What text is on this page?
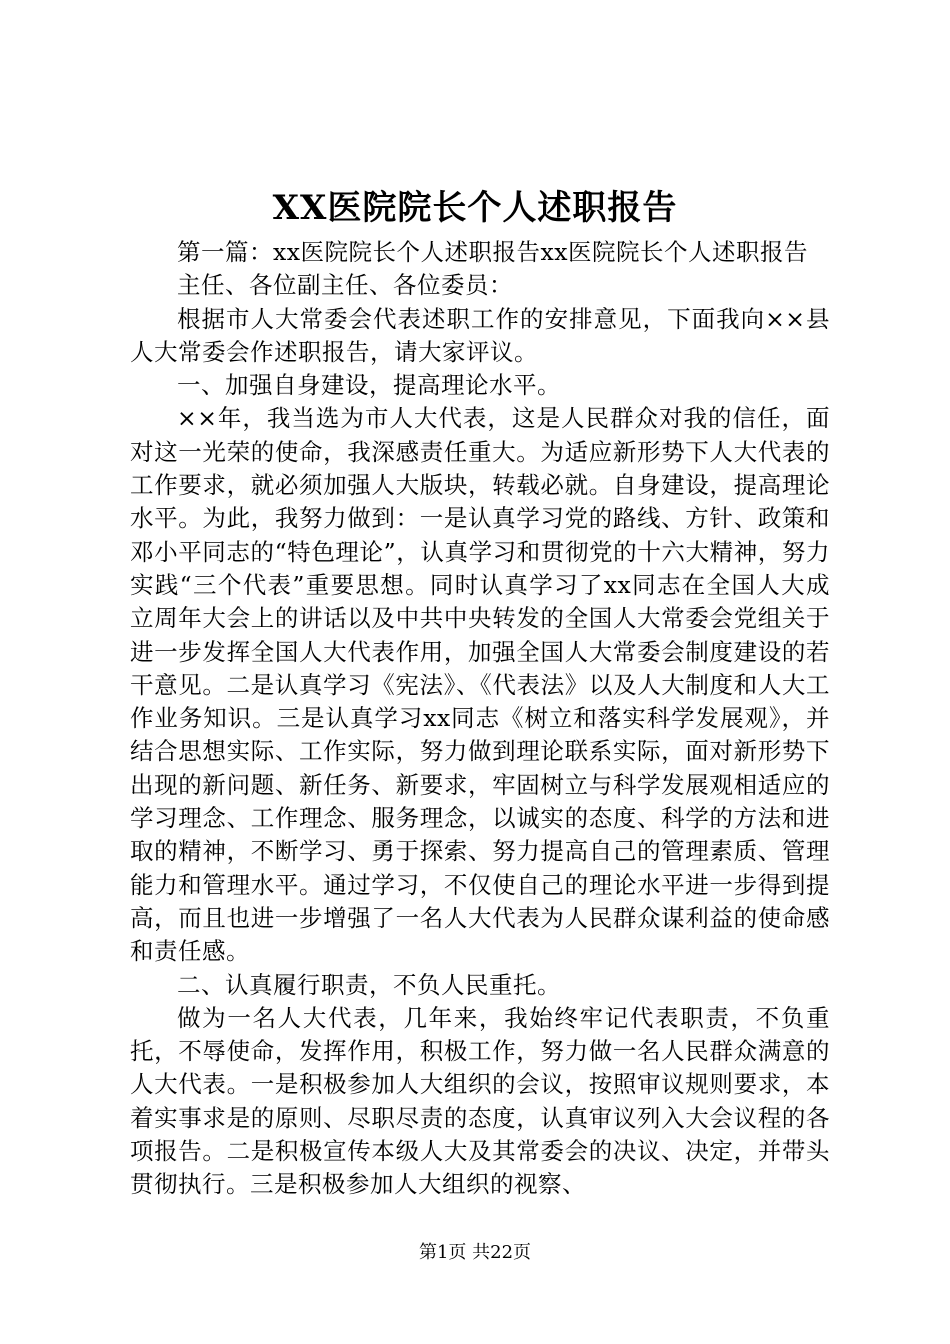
XX医院院长个人述职报告

第一篇：xx医院院长个人述职报告xx医院院长个人述职报告

主任、各位副主任、各位委员：

根据市人大常委会代表述职工作的安排意见，下面我向××县人大常委会作述职报告，请大家评议。

一、加强自身建设，提高理论水平。

××年，我当选为市人大代表，这是人民群众对我的信任，面对这一光荣的使命，我深感责任重大。为适应新形势下人大代表的工作要求，就必须加强人大版块，转载必就。自身建设，提高理论水平。为此，我努力做到：一是认真学习党的路线、方针、政策和邓小平同志的“特色理论”，认真学习和贯彻党的十六大精神，努力实践“三个代表”重要思想。同时认真学习了xx同志在全国人大成立周年大会上的讲话以及中共中央转发的全国人大常委会党组关于进一步发挥全国人大代表作用，加强全国人大常委会制度建设的若干意见。二是认真学习《宪法》、《代表法》以及人大制度和人大工作业务知识。三是认真学习xx同志《树立和落实科学发展观》，并结合思想实际、工作实际，努力做到理论联系实际，面对新形势下出现的新问题、新任务、新要求，牢固树立与科学发展观相适应的学习理念、工作理念、服务理念，以诚实的态度、科学的方法和进取的精神，不断学习、勇于探索、努力提高自己的管理素质、管理能力和管理水平。通过学习，不仅使自己的理论水平进一步得到提高，而且也进一步增强了一名人大代表为人民群众谋利益的使命感和责任感。

二、认真履行职责，不负人民重托。

做为一名人大代表，几年来，我始终牢记代表职责，不负重托，不辱使命，发挥作用，积极工作，努力做一名人民群众满意的人大代表。一是积极参加人大组织的会议，按照审议规则要求，本着实事求是的原则、尽职尽责的态度，认真审议列入大会议程的各项报告。二是积极宣传本级人大及其常委会的决议、决定，并带头贯彻执行。三是积极参加人大组织的视察、

第1页 共22页
